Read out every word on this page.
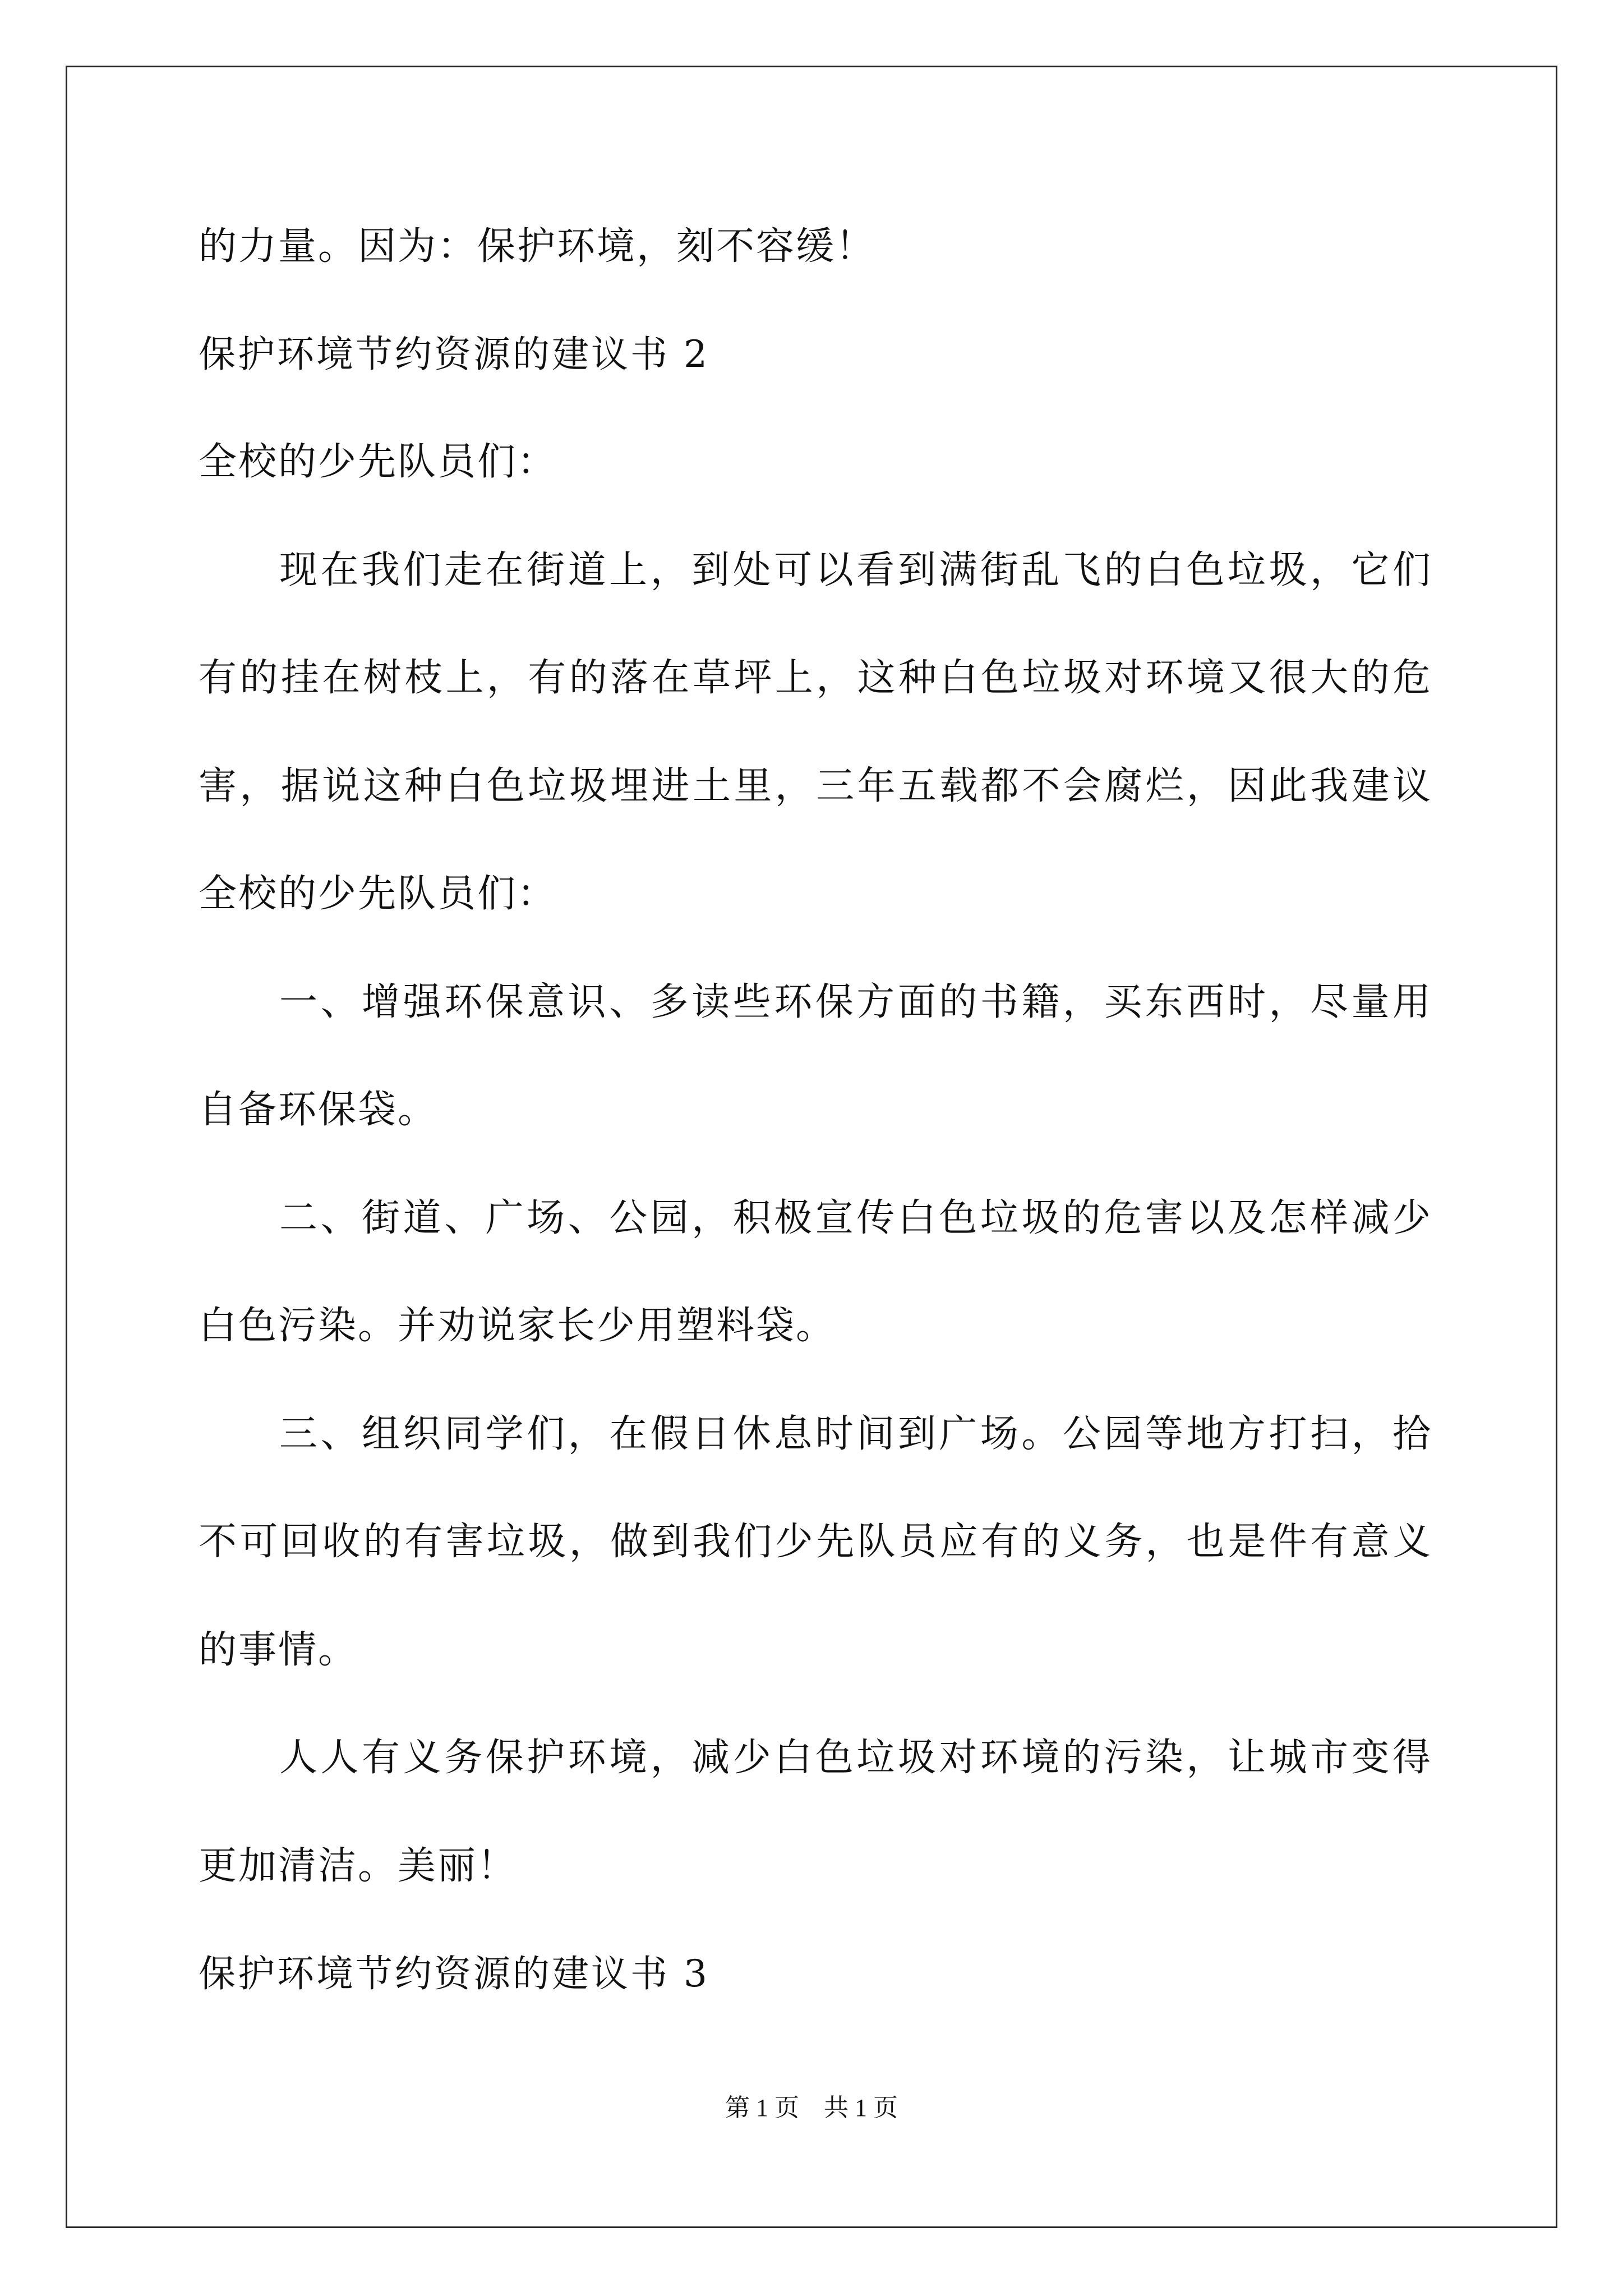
的力量。因为：保护环境，刻不容缓！
保护环境节约资源的建议书 2
全校的少先队员们：
现在我们走在街道上，到处可以看到满街乱飞的白色垃圾，它们
有的挂在树枝上，有的落在草坪上，这种白色垃圾对环境又很大的危
害，据说这种白色垃圾埋进土里，三年五载都不会腐烂，因此我建议
全校的少先队员们：
一、增强环保意识、多读些环保方面的书籍，买东西时，尽量用
自备环保袋。
二、街道、广场、公园，积极宣传白色垃圾的危害以及怎样减少
白色污染。并劝说家长少用塑料袋。
三、组织同学们，在假日休息时间到广场。公园等地方打扫，拾
不可回收的有害垃圾，做到我们少先队员应有的义务，也是件有意义
的事情。
人人有义务保护环境，减少白色垃圾对环境的污染，让城市变得
更加清洁。美丽！
保护环境节约资源的建议书 3
第 1 页　共 1 页
